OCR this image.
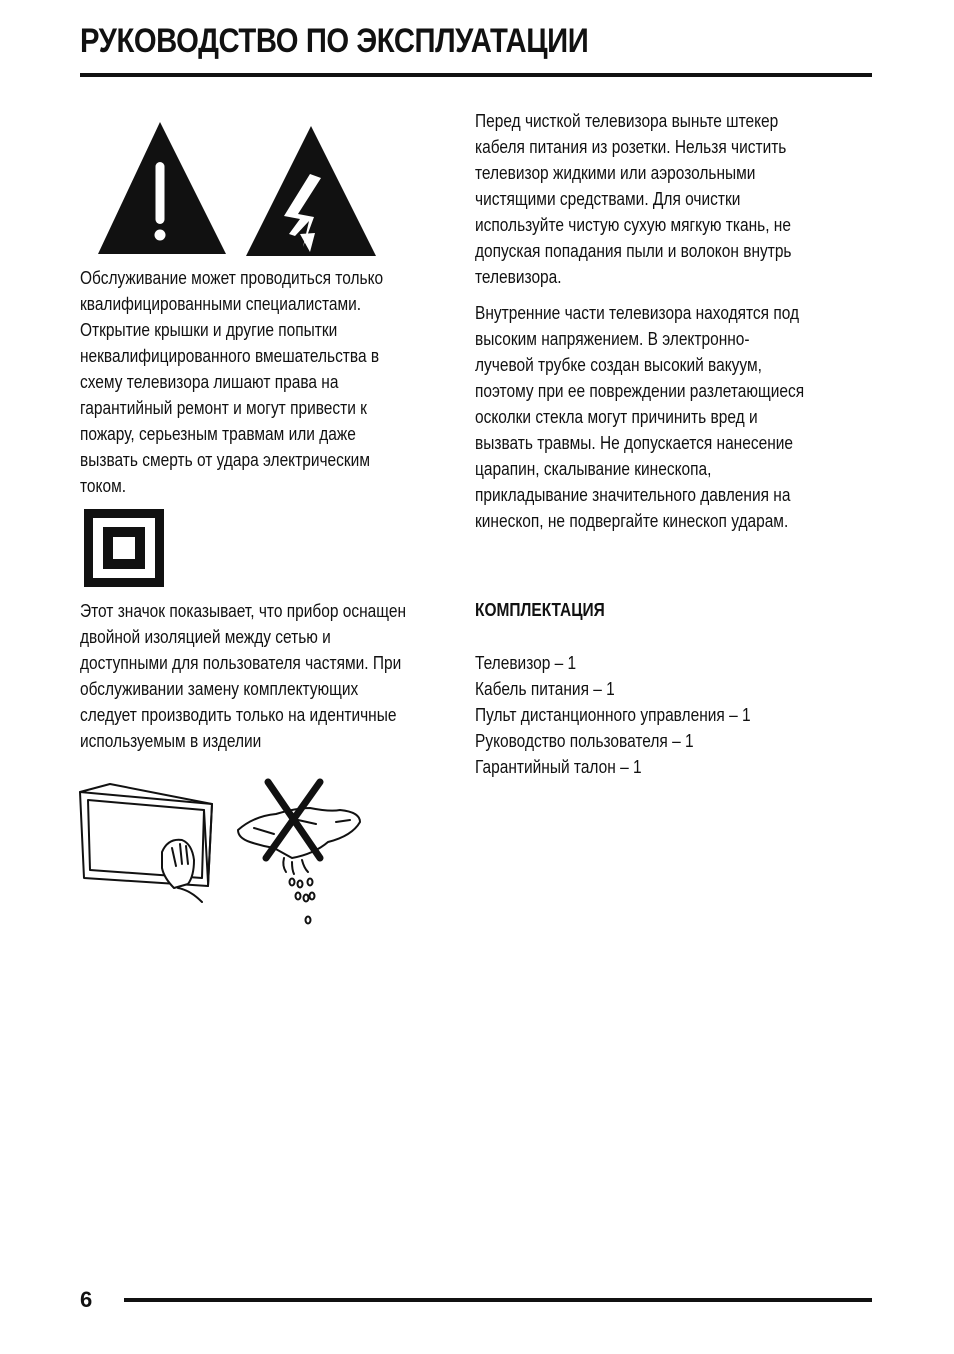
РУКОВОДСТВО ПО ЭКСПЛУАТАЦИИ

Обслуживание может проводиться только
квалифицированными специалистами.
Открытие крышки и другие попытки
неквалифицированного вмешательства в
схему телевизора лишают права на
гарантийный ремонт и могут привести к
пожару, серьезным травмам или даже
вызвать смерть от удара электрическим
током.

Этот значок показывает, что прибор оснащен
двойной изоляцией между сетью и
доступными для пользователя частями. При
обслуживании замену комплектующих
следует производить только на идентичные
используемым в изделии

Перед чисткой телевизора выньте штекер
кабеля питания из розетки. Нельзя чистить
телевизор жидкими или аэрозольными
чистящими средствами. Для очистки
используйте чистую сухую мягкую ткань, не
допуская попадания пыли и волокон внутрь
телевизора.

Внутренние части телевизора находятся под
высоким напряжением. В электронно-
лучевой трубке создан высокий вакуум,
поэтому при ее повреждении разлетающиеся
осколки стекла могут причинить вред и
вызвать травмы. Не допускается нанесение
царапин, скалывание кинескопа,
прикладывание значительного давления на
кинескоп, не подвергайте кинескоп ударам.

КОМПЛЕКТАЦИЯ
Телевизор – 1
Кабель питания – 1
Пульт дистанционного управления – 1
Руководство пользователя – 1
Гарантийный талон – 1
6
